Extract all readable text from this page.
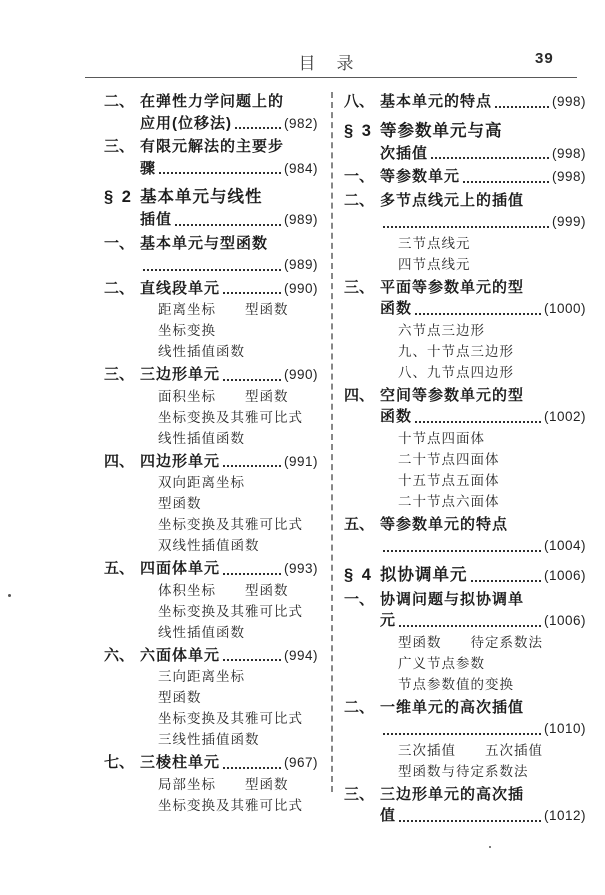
目　录	39
二、 在弹性力学问题上的
应用(位移法)	(982)
三、 有限元解法的主要步
骤	(984)
§ 2 基本单元与线性
插值	(989)
一、 基本单元与型函数
(989)
二、 直线段单元	(990)
距离坐标　　型函数
坐标变换
线性插值函数
三、 三边形单元	(990)
面积坐标　　型函数
坐标变换及其雅可比式
线性插值函数
四、 四边形单元	(991)
双向距离坐标
型函数
坐标变换及其雅可比式
双线性插值函数
五、 四面体单元	(993)
体积坐标　　型函数
坐标变换及其雅可比式
线性插值函数
六、 六面体单元	(994)
三向距离坐标
型函数
坐标变换及其雅可比式
三线性插值函数
七、 三棱柱单元	(967)
局部坐标　　型函数
坐标变换及其雅可比式
八、 基本单元的特点	(998)
§ 3 等参数单元与高
次插值	(998)
一、 等参数单元	(998)
二、 多节点线元上的插值
(999)
三节点线元
四节点线元
三、 平面等参数单元的型
函数	(1000)
六节点三边形
九、十节点三边形
八、九节点四边形
四、 空间等参数单元的型
函数	(1002)
十节点四面体
二十节点四面体
十五节点五面体
二十节点六面体
五、 等参数单元的特点
(1004)
§ 4 拟协调单元	(1006)
一、 协调问题与拟协调单
元	(1006)
型函数　　待定系数法
广义节点参数
节点参数值的变换
二、 一维单元的高次插值
(1010)
三次插值　　五次插值
型函数与待定系数法
三、 三边形单元的高次插
值	(1012)
